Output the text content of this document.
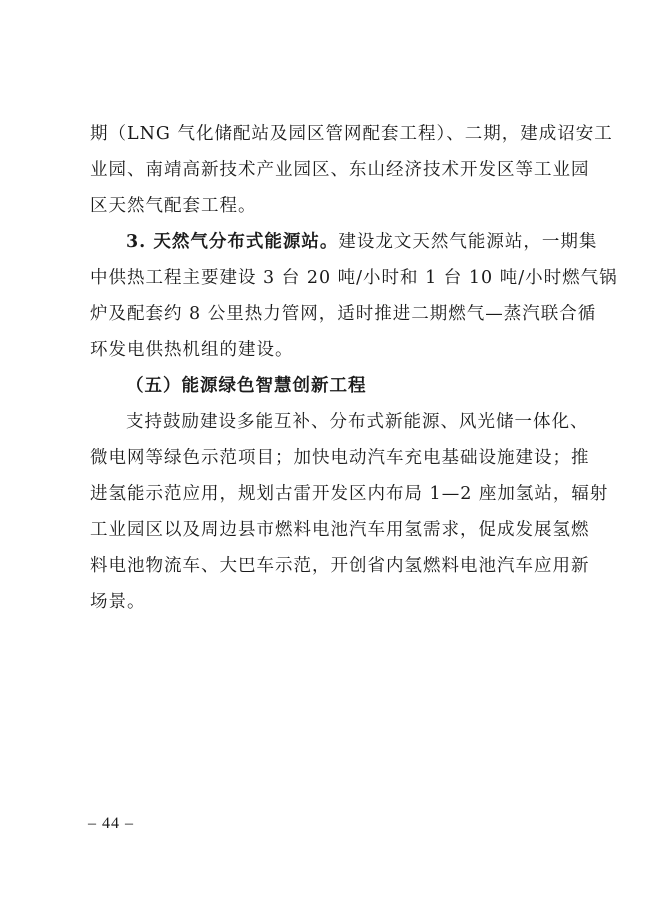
期（LNG 气化储配站及园区管网配套工程）、二期，建成诏安工
业园、南靖高新技术产业园区、东山经济技术开发区等工业园
区天然气配套工程。
3. 天然气分布式能源站。建设龙文天然气能源站，一期集
中供热工程主要建设 3 台 20 吨/小时和 1 台 10 吨/小时燃气锅
炉及配套约 8 公里热力管网，适时推进二期燃气—蒸汽联合循
环发电供热机组的建设。
（五）能源绿色智慧创新工程
支持鼓励建设多能互补、分布式新能源、风光储一体化、
微电网等绿色示范项目；加快电动汽车充电基础设施建设；推
进氢能示范应用，规划古雷开发区内布局 1—2 座加氢站，辐射
工业园区以及周边县市燃料电池汽车用氢需求，促成发展氢燃
料电池物流车、大巴车示范，开创省内氢燃料电池汽车应用新
场景。
– 44 –
